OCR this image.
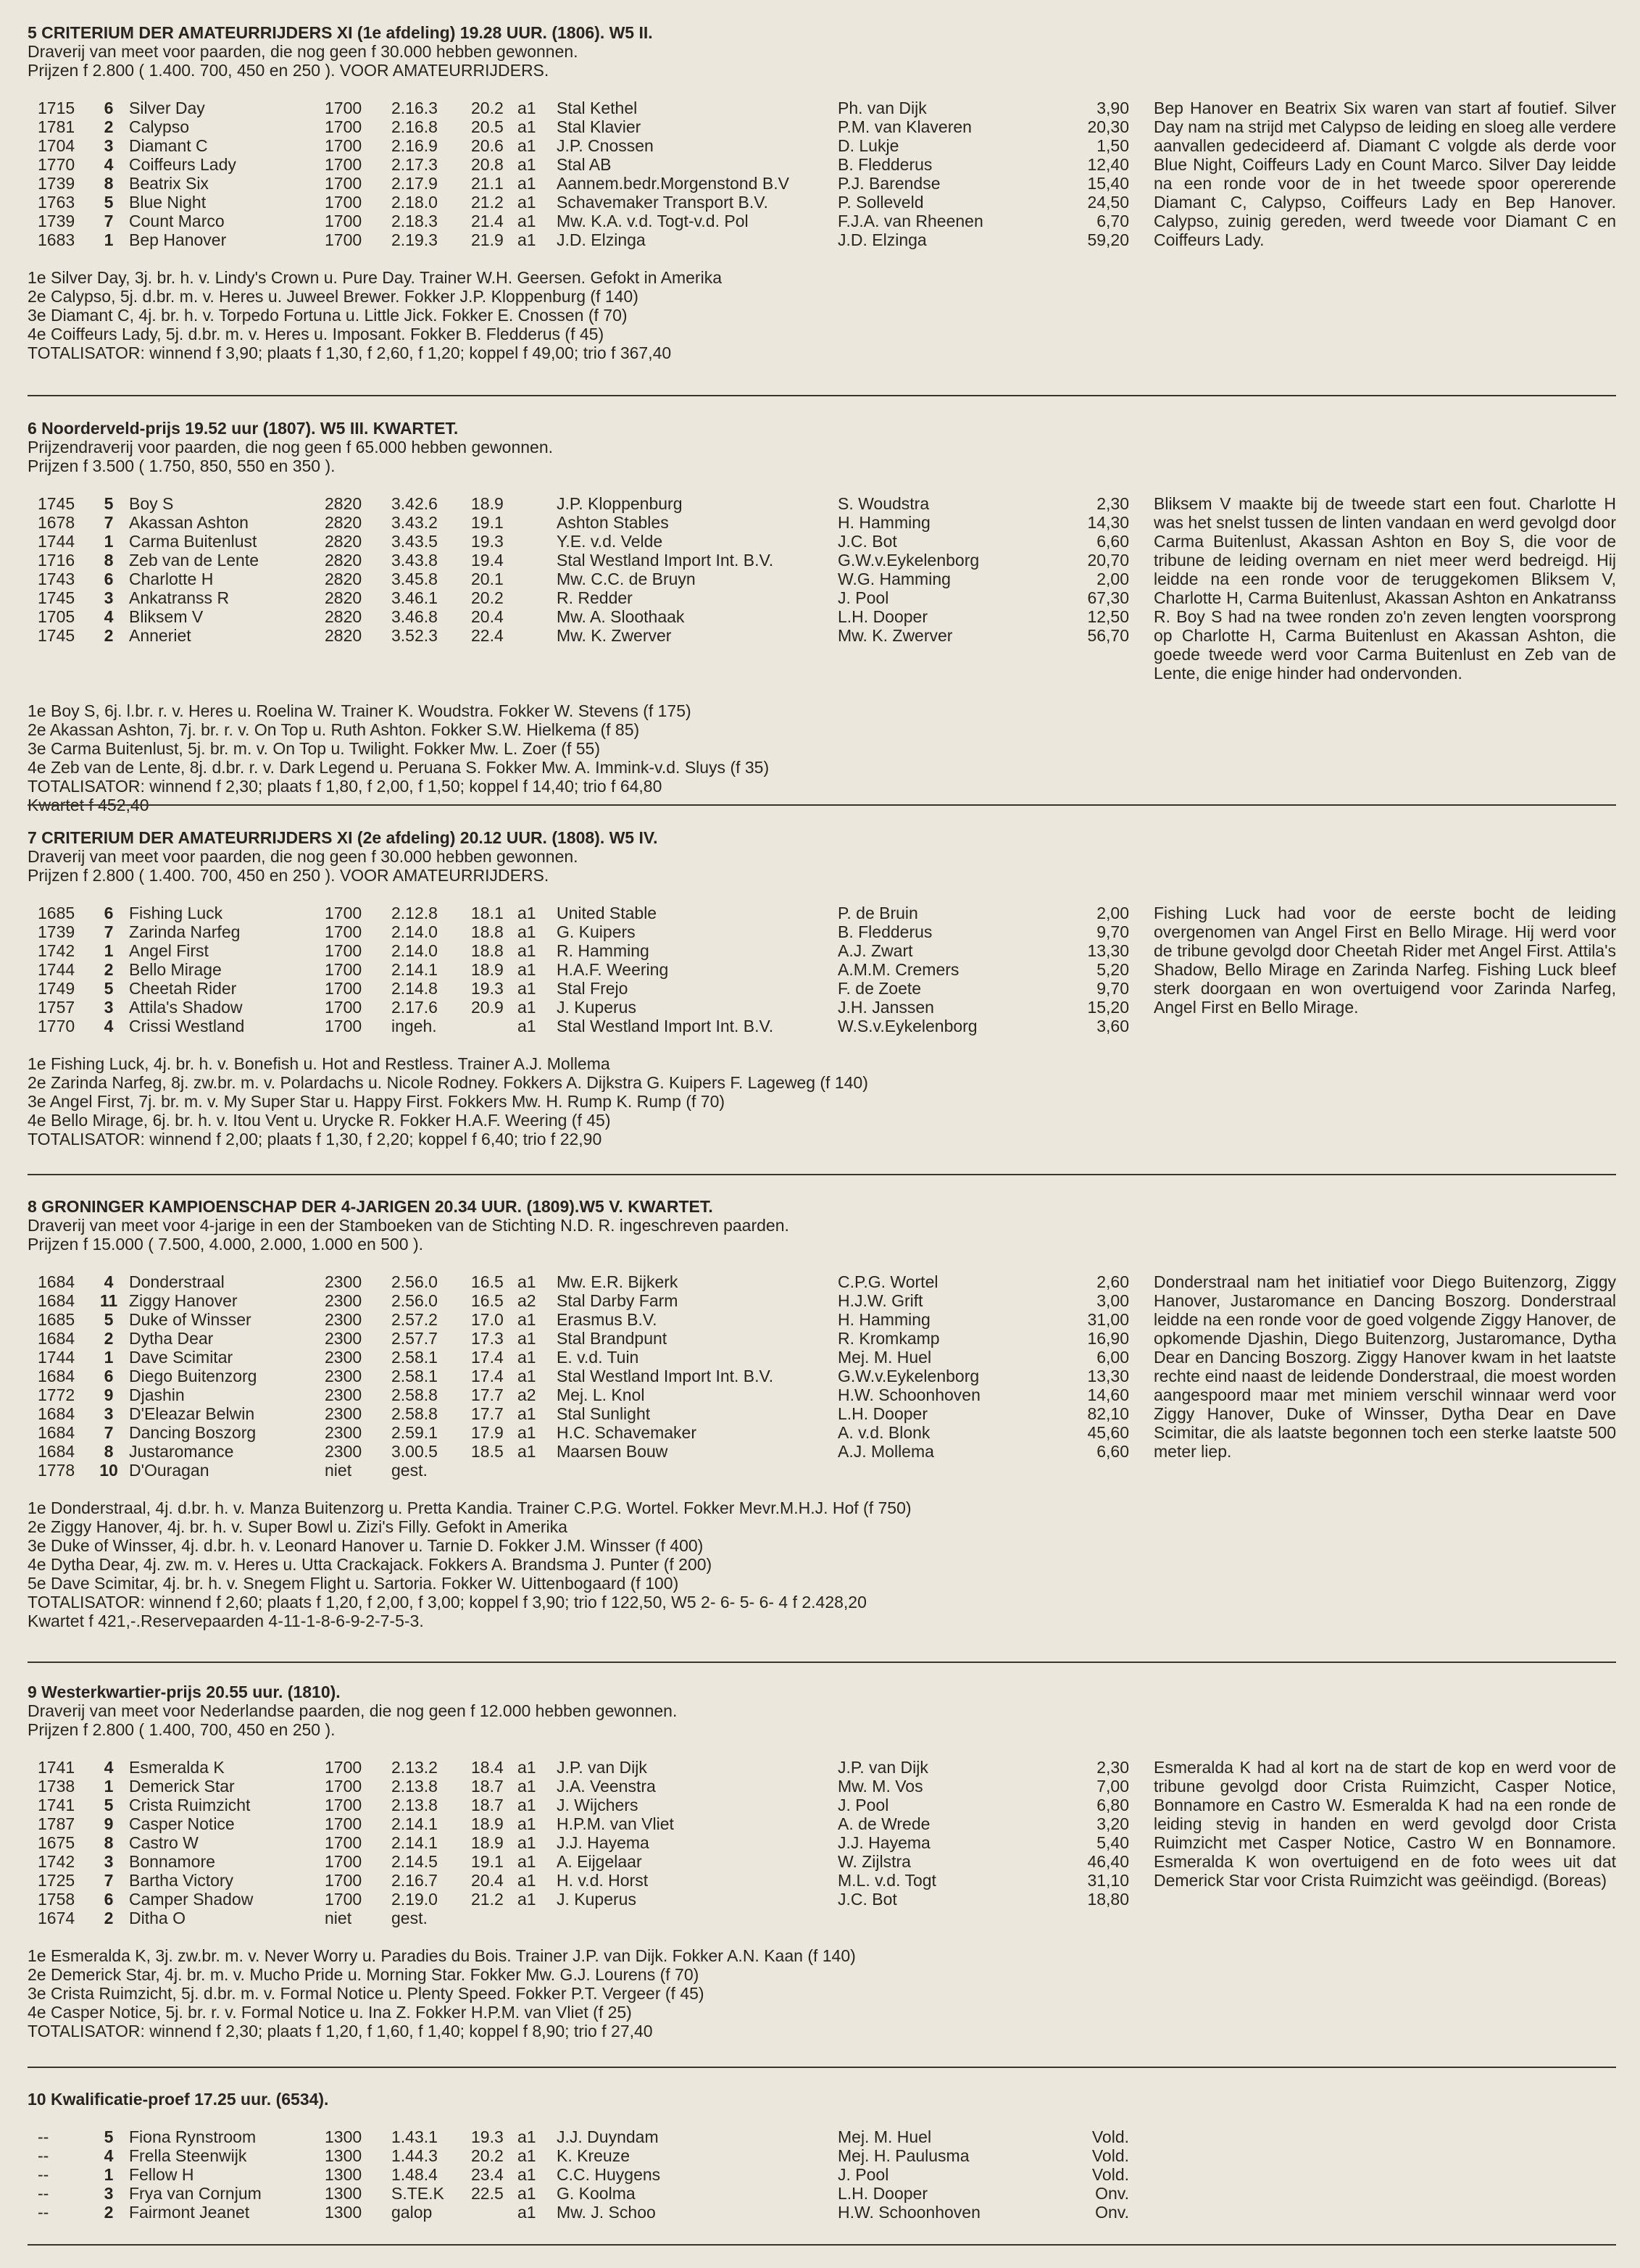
5 CRITERIUM DER AMATEURRIJDERS XI (1e afdeling) 19.28 UUR. (1806). W5 II.
Draverij van meet voor paarden, die nog geen f 30.000 hebben gewonnen.
Prijzen f 2.800 ( 1.400. 700, 450 en 250 ). VOOR AMATEURRIJDERS.
1715	6 Silver Day	1700 2.16.3 20.2 a1 Stal Kethel	Ph. van Dijk	3,90
1781	2 Calypso	1700 2.16.8 20.5 a1 Stal Klavier	P.M. van Klaveren	20,30
1704	3 Diamant C	1700 2.16.9 20.6 a1 J.P. Cnossen	D. Lukje	1,50
1770	4 Coiffeurs Lady	1700 2.17.3 20.8 a1 Stal AB	B. Fledderus	12,40
1739	8 Beatrix Six	1700 2.17.9 21.1 a1 Aannem.bedr.Morgenstond B.V	P.J. Barendse	15,40
1763	5 Blue Night	1700 2.18.0 21.2 a1 Schavemaker Transport B.V.	P. Solleveld	24,50
1739	7 Count Marco	1700 2.18.3 21.4 a1 Mw. K.A. v.d. Togt-v.d. Pol	F.J.A. van Rheenen	6,70
1683	1 Bep Hanover	1700 2.19.3 21.9 a1 J.D. Elzinga	J.D. Elzinga	59,20
Bep Hanover en Beatrix Six waren van start af foutief. Silver Day nam na strijd met Calypso de leiding en sloeg alle verdere aanvallen gedecideerd af. Diamant C volgde als derde voor Blue Night, Coiffeurs Lady en Count Marco. Silver Day leidde na een ronde voor de in het tweede spoor opererende Diamant C, Calypso, Coiffeurs Lady en Bep Hanover. Calypso, zuinig gereden, werd tweede voor Diamant C en Coiffeurs Lady.
1e Silver Day, 3j. br. h. v. Lindy's Crown u. Pure Day. Trainer W.H. Geersen. Gefokt in Amerika
2e Calypso, 5j. d.br. m. v. Heres u. Juweel Brewer. Fokker J.P. Kloppenburg (f 140)
3e Diamant C, 4j. br. h. v. Torpedo Fortuna u. Little Jick. Fokker E. Cnossen (f 70)
4e Coiffeurs Lady, 5j. d.br. m. v. Heres u. Imposant. Fokker B. Fledderus (f 45)
TOTALISATOR: winnend f 3,90; plaats f 1,30, f 2,60, f 1,20; koppel f 49,00; trio f 367,40
6 Noorderveld-prijs 19.52 uur (1807). W5 III. KWARTET.
Prijzendraverij voor paarden, die nog geen f 65.000 hebben gewonnen.
Prijzen f 3.500 ( 1.750, 850, 550 en 350 ).
1745	5 Boy S	2820 3.42.6 18.9	J.P. Kloppenburg	S. Woudstra	2,30
1678	7 Akassan Ashton	2820 3.43.2 19.1	Ashton Stables	H. Hamming	14,30
1744	1 Carma Buitenlust	2820 3.43.5 19.3	Y.E. v.d. Velde	J.C. Bot	6,60
1716	8 Zeb van de Lente	2820 3.43.8 19.4	Stal Westland Import Int. B.V.	G.W.v.Eykelenborg	20,70
1743	6 Charlotte H	2820 3.45.8 20.1	Mw. C.C. de Bruyn	W.G. Hamming	2,00
1745	3 Ankatranss R	2820 3.46.1 20.2	R. Redder	J. Pool	67,30
1705	4 Bliksem V	2820 3.46.8 20.4	Mw. A. Slоothaak	L.H. Dooper	12,50
1745	2 Anneriet	2820 3.52.3 22.4	Mw. K. Zwerver	Mw. K. Zwerver	56,70
Bliksem V maakte bij de tweede start een fout. Charlotte H was het snelst tussen de linten vandaan en werd gevolgd door Carma Buitenlust, Akassan Ashton en Boy S, die voor de tribune de leiding overnam en niet meer werd bedreigd. Hij leidde na een ronde voor de teruggekomen Bliksem V, Charlotte H, Carma Buitenlust, Akassan Ashton en Ankatranss R. Boy S had na twee ronden zo'n zeven lengten voorsprong op Charlotte H, Carma Buitenlust en Akassan Ashton, die goede tweede werd voor Carma Buitenlust en Zeb van de Lente, die enige hinder had ondervonden.
1e Boy S, 6j. l.br. r. v. Heres u. Roelina W. Trainer K. Woudstra. Fokker W. Stevens (f 175)
2e Akassan Ashton, 7j. br. r. v. On Top u. Ruth Ashton. Fokker S.W. Hielkema (f 85)
3e Carma Buitenlust, 5j. br. m. v. On Top u. Twilight. Fokker Mw. L. Zoer (f 55)
4e Zeb van de Lente, 8j. d.br. r. v. Dark Legend u. Peruana S. Fokker Mw. A. Immink-v.d. Sluys (f 35)
TOTALISATOR: winnend f 2,30; plaats f 1,80, f 2,00, f 1,50; koppel f 14,40; trio f 64,80
Kwartet f 452,40
7 CRITERIUM DER AMATEURRIJDERS XI (2e afdeling) 20.12 UUR. (1808). W5 IV.
Draverij van meet voor paarden, die nog geen f 30.000 hebben gewonnen.
Prijzen f 2.800 ( 1.400. 700, 450 en 250 ). VOOR AMATEURRIJDERS.
1685	6 Fishing Luck	1700 2.12.8 18.1 a1 United Stable	P. de Bruin	2,00
1739	7 Zarinda Narfeg	1700 2.14.0 18.8 a1 G. Kuipers	B. Fledderus	9,70
1742	1 Angel First	1700 2.14.0 18.8 a1 R. Hamming	A.J. Zwart	13,30
1744	2 Bello Mirage	1700 2.14.1 18.9 a1 H.A.F. Weering	A.M.M. Cremers	5,20
1749	5 Cheetah Rider	1700 2.14.8 19.3 a1 Stal Frejo	F. de Zoete	9,70
1757	3 Attila's Shadow	1700 2.17.6 20.9 a1 J. Kuperus	J.H. Janssen	15,20
1770	4 Crissi Westland	1700 ingeh.	a1 Stal Westland Import Int. B.V.	W.S.v.Eykelenborg	3,60
Fishing Luck had voor de eerste bocht de leiding overgenomen van Angel First en Bello Mirage. Hij werd voor de tribune gevolgd door Cheetah Rider met Angel First. Attila's Shadow, Bello Mirage en Zarinda Narfeg. Fishing Luck bleef sterk doorgaan en won overtuigend voor Zarinda Narfeg, Angel First en Bello Mirage.
1e Fishing Luck, 4j. br. h. v. Bonefish u. Hot and Restless. Trainer A.J. Mollema
2e Zarinda Narfeg, 8j. zw.br. m. v. Polardachs u. Nicole Rodney. Fokkers A. Dijkstra G. Kuipers F. Lageweg (f 140)
3e Angel First, 7j. br. m. v. My Super Star u. Happy First. Fokkers Mw. H. Rump K. Rump (f 70)
4e Bello Mirage, 6j. br. h. v. Itou Vent u. Urycke R. Fokker H.A.F. Weering (f 45)
TOTALISATOR: winnend f 2,00; plaats f 1,30, f 2,20; koppel f 6,40; trio f 22,90
8 GRONINGER KAMPIOENSCHAP DER 4-JARIGEN 20.34 UUR. (1809).W5 V. KWARTET.
Draverij van meet voor 4-jarige in een der Stamboeken van de Stichting N.D. R. ingeschreven paarden.
Prijzen f 15.000 ( 7.500, 4.000, 2.000, 1.000 en 500 ).
1684	4 Donderstraal	2300 2.56.0 16.5 a1 Mw. E.R. Bijkerk	C.P.G. Wortel	2,60
1684	11 Ziggy Hanover	2300 2.56.0 16.5 a2 Stal Darby Farm	H.J.W. Grift	3,00
1685	5 Duke of Winsser	2300 2.57.2 17.0 a1 Erasmus B.V.	H. Hamming	31,00
1684	2 Dytha Dear	2300 2.57.7 17.3 a1 Stal Brandpunt	R. Kromkamp	16,90
1744	1 Dave Scimitar	2300 2.58.1 17.4 a1 E. v.d. Tuin	Mej. M. Huel	6,00
1684	6 Diego Buitenzorg	2300 2.58.1 17.4 a1 Stal Westland Import Int. B.V.	G.W.v.Eykelenborg	13,30
1772	9 Djashin	2300 2.58.8 17.7 a2 Mej. L. Knol	H.W. Schoonhoven	14,60
1684	3 D'Eleazar Belwin	2300 2.58.8 17.7 a1 Stal Sunlight	L.H. Dooper	82,10
1684	7 Dancing Boszorg	2300 2.59.1 17.9 a1 H.C. Schavemaker	A. v.d. Blonk	45,60
1684	8 Justaromance	2300 3.00.5 18.5 a1 Maarsen Bouw	A.J. Mollema	6,60
1778	10 D'Ouragan	niet gest.
Donderstraal nam het initiatief voor Diego Buitenzorg, Ziggy Hanover, Justaromance en Dancing Boszorg. Donderstraal leidde na een ronde voor de goed volgende Ziggy Hanover, de opkomende Djashin, Diego Buitenzorg, Justaromance, Dytha Dear en Dancing Boszorg. Ziggy Hanover kwam in het laatste rechte eind naast de leidende Donderstraal, die moest worden aangespoord maar met miniem verschil winnaar werd voor Ziggy Hanover, Duke of Winsser, Dytha Dear en Dave Scimitar, die als laatste begonnen toch een sterke laatste 500 meter liep.
1e Donderstraal, 4j. d.br. h. v. Manza Buitenzorg u. Pretta Kandia. Trainer C.P.G. Wortel. Fokker Mevr.M.H.J. Hof (f 750)
2e Ziggy Hanover, 4j. br. h. v. Super Bowl u. Zizi's Filly. Gefokt in Amerika
3e Duke of Winsser, 4j. d.br. h. v. Leonard Hanover u. Tarnie D. Fokker J.M. Winsser (f 400)
4e Dytha Dear, 4j. zw. m. v. Heres u. Utta Crackajack. Fokkers A. Brandsma J. Punter (f 200)
5e Dave Scimitar, 4j. br. h. v. Snegem Flight u. Sartoria. Fokker W. Uittenbogaard (f 100)
TOTALISATOR: winnend f 2,60; plaats f 1,20, f 2,00, f 3,00; koppel f 3,90; trio f 122,50, W5 2- 6- 5- 6- 4 f 2.428,20
Kwartet f 421,-.Reservepaarden 4-11-1-8-6-9-2-7-5-3.
9 Westerkwartier-prijs 20.55 uur. (1810).
Draverij van meet voor Nederlandse paarden, die nog geen f 12.000 hebben gewonnen.
Prijzen f 2.800 ( 1.400, 700, 450 en 250 ).
1741	4 Esmeralda K	1700 2.13.2 18.4 a1 J.P. van Dijk	J.P. van Dijk	2,30
1738	1 Demerick Star	1700 2.13.8 18.7 a1 J.A. Veenstra	Mw. M. Vos	7,00
1741	5 Crista Ruimzicht	1700 2.13.8 18.7 a1 J. Wijchers	J. Pool	6,80
1787	9 Casper Notice	1700 2.14.1 18.9 a1 H.P.M. van Vliet	A. de Wrede	3,20
1675	8 Castro W	1700 2.14.1 18.9 a1 J.J. Hayema	J.J. Hayema	5,40
1742	3 Bonnamore	1700 2.14.5 19.1 a1 A. Eijgelaar	W. Zijlstra	46,40
1725	7 Bartha Victory	1700 2.16.7 20.4 a1 H. v.d. Horst	M.L. v.d. Togt	31,10
1758	6 Camper Shadow	1700 2.19.0 21.2 a1 J. Kuperus	J.C. Bot	18,80
1674	2 Ditha O	niet gest.
Esmeralda K had al kort na de start de kop en werd voor de tribune gevolgd door Crista Ruimzicht, Casper Notice, Bonnamore en Castro W. Esmeralda K had na een ronde de leiding stevig in handen en werd gevolgd door Crista Ruimzicht met Casper Notice, Castro W en Bonnamore. Esmeralda K won overtuigend en de foto wees uit dat Demerick Star voor Crista Ruimzicht was geëindigd. (Boreas)
1e Esmeralda K, 3j. zw.br. m. v. Never Worry u. Paradies du Bois. Trainer J.P. van Dijk. Fokker A.N. Kaan (f 140)
2e Demerick Star, 4j. br. m. v. Mucho Pride u. Morning Star. Fokker Mw. G.J. Lourens (f 70)
3e Crista Ruimzicht, 5j. d.br. m. v. Formal Notice u. Plenty Speed. Fokker P.T. Vergeer (f 45)
4e Casper Notice, 5j. br. r. v. Formal Notice u. Ina Z. Fokker H.P.M. van Vliet (f 25)
TOTALISATOR: winnend f 2,30; plaats f 1,20, f 1,60, f 1,40; koppel f 8,90; trio f 27,40
10 Kwalificatie-proef 17.25 uur. (6534).
--	5 Fiona Rynstroom	1300 1.43.1 19.3 a1 J.J. Duyndam	Mej. M. Huel	Vold.
--	4 Frella Steenwijk	1300 1.44.3 20.2 a1 K. Kreuze	Mej. H. Paulusma	Vold.
--	1 Fellow H	1300 1.48.4 23.4 a1 C.C. Huygens	J. Pool	Vold.
--	3 Frya van Cornjum	1300 S.TE.K 22.5 a1 G. Koolma	L.H. Dooper	Onv.
--	2 Fairmont Jeanet	1300 galop	a1 Mw. J. Schoo	H.W. Schoonhoven	Onv.
